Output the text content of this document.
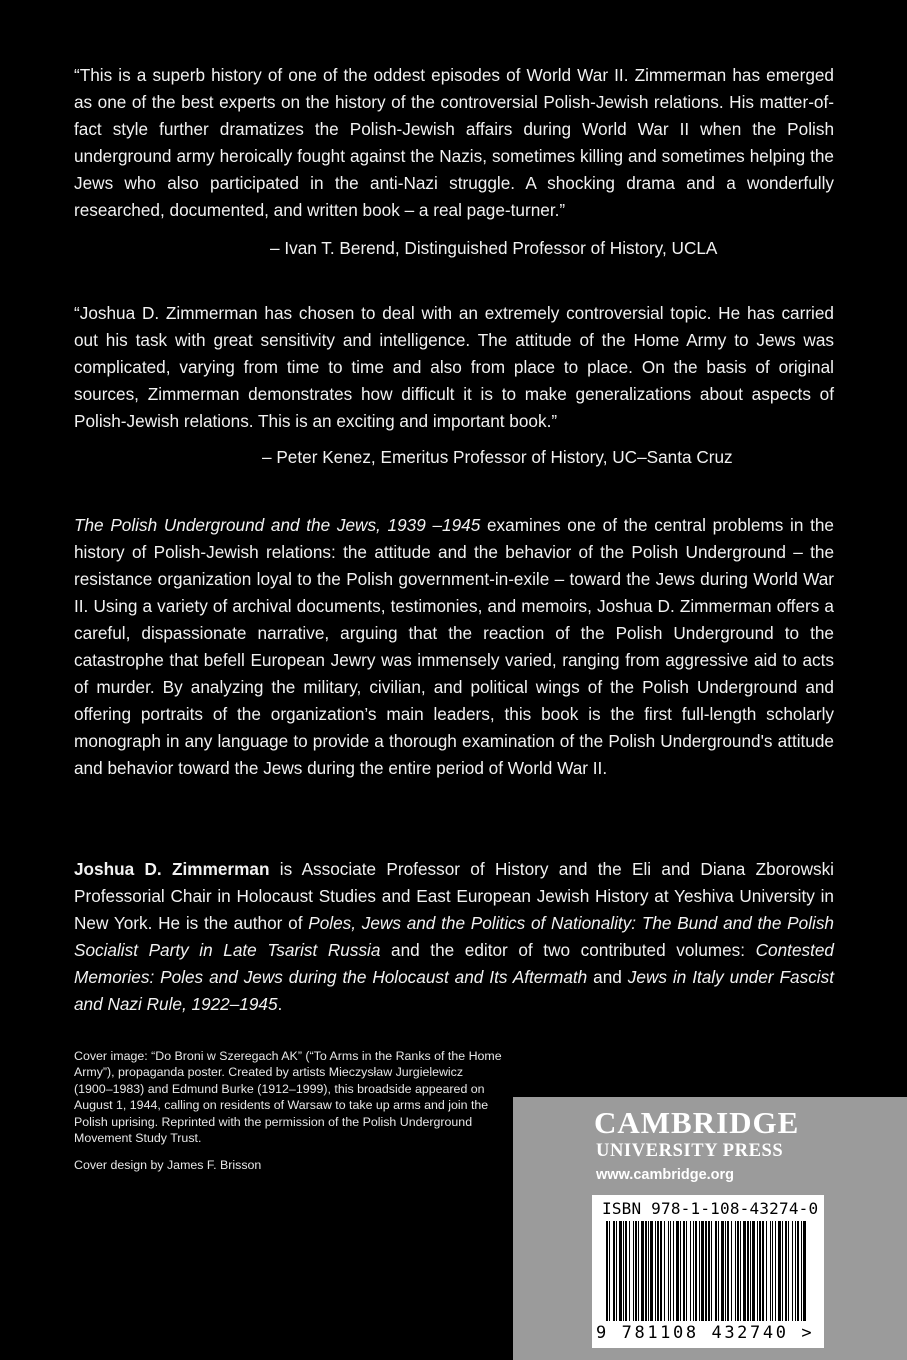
“This is a superb history of one of the oddest episodes of World War II. Zimmerman has emerged as one of the best experts on the history of the controversial Polish-Jewish relations. His matter-of-fact style further dramatizes the Polish-Jewish affairs during World War II when the Polish underground army heroically fought against the Nazis, sometimes killing and sometimes helping the Jews who also participated in the anti-Nazi struggle. A shocking drama and a wonderfully researched, documented, and written book – a real page-turner.”

– Ivan T. Berend, Distinguished Professor of History, UCLA

“Joshua D. Zimmerman has chosen to deal with an extremely controversial topic. He has carried out his task with great sensitivity and intelligence. The attitude of the Home Army to Jews was complicated, varying from time to time and also from place to place. On the basis of original sources, Zimmerman demonstrates how difficult it is to make generalizations about aspects of Polish-Jewish relations. This is an exciting and important book.”

– Peter Kenez, Emeritus Professor of History, UC–Santa Cruz

The Polish Underground and the Jews, 1939 –1945 examines one of the central problems in the history of Polish-Jewish relations: the attitude and the behavior of the Polish Underground – the resistance organization loyal to the Polish government-in-exile – toward the Jews during World War II. Using a variety of archival documents, testimonies, and memoirs, Joshua D. Zimmerman offers a careful, dispassionate narrative, arguing that the reaction of the Polish Underground to the catastrophe that befell European Jewry was immensely varied, ranging from aggressive aid to acts of murder. By analyzing the military, civilian, and political wings of the Polish Underground and offering portraits of the organization’s main leaders, this book is the first full-length scholarly monograph in any language to provide a thorough examination of the Polish Underground's attitude and behavior toward the Jews during the entire period of World War II.

Joshua D. Zimmerman is Associate Professor of History and the Eli and Diana Zborowski Professorial Chair in Holocaust Studies and East European Jewish History at Yeshiva University in New York. He is the author of Poles, Jews and the Politics of Nationality: The Bund and the Polish Socialist Party in Late Tsarist Russia and the editor of two contributed volumes: Contested Memories: Poles and Jews during the Holocaust and Its Aftermath and Jews in Italy under Fascist and Nazi Rule, 1922–1945.

Cover image: “Do Broni w Szeregach AK” (“To Arms in the Ranks of the Home Army”), propaganda poster. Created by artists Mieczysław Jurgielewicz (1900–1983) and Edmund Burke (1912–1999), this broadside appeared on August 1, 1944, calling on residents of Warsaw to take up arms and join the Polish uprising. Reprinted with the permission of the Polish Underground Movement Study Trust.
Cover design by James F. Brisson
CAMBRIDGE
UNIVERSITY PRESS
www.cambridge.org
ISBN 978-1-108-43274-0
9 781108 432740 >
